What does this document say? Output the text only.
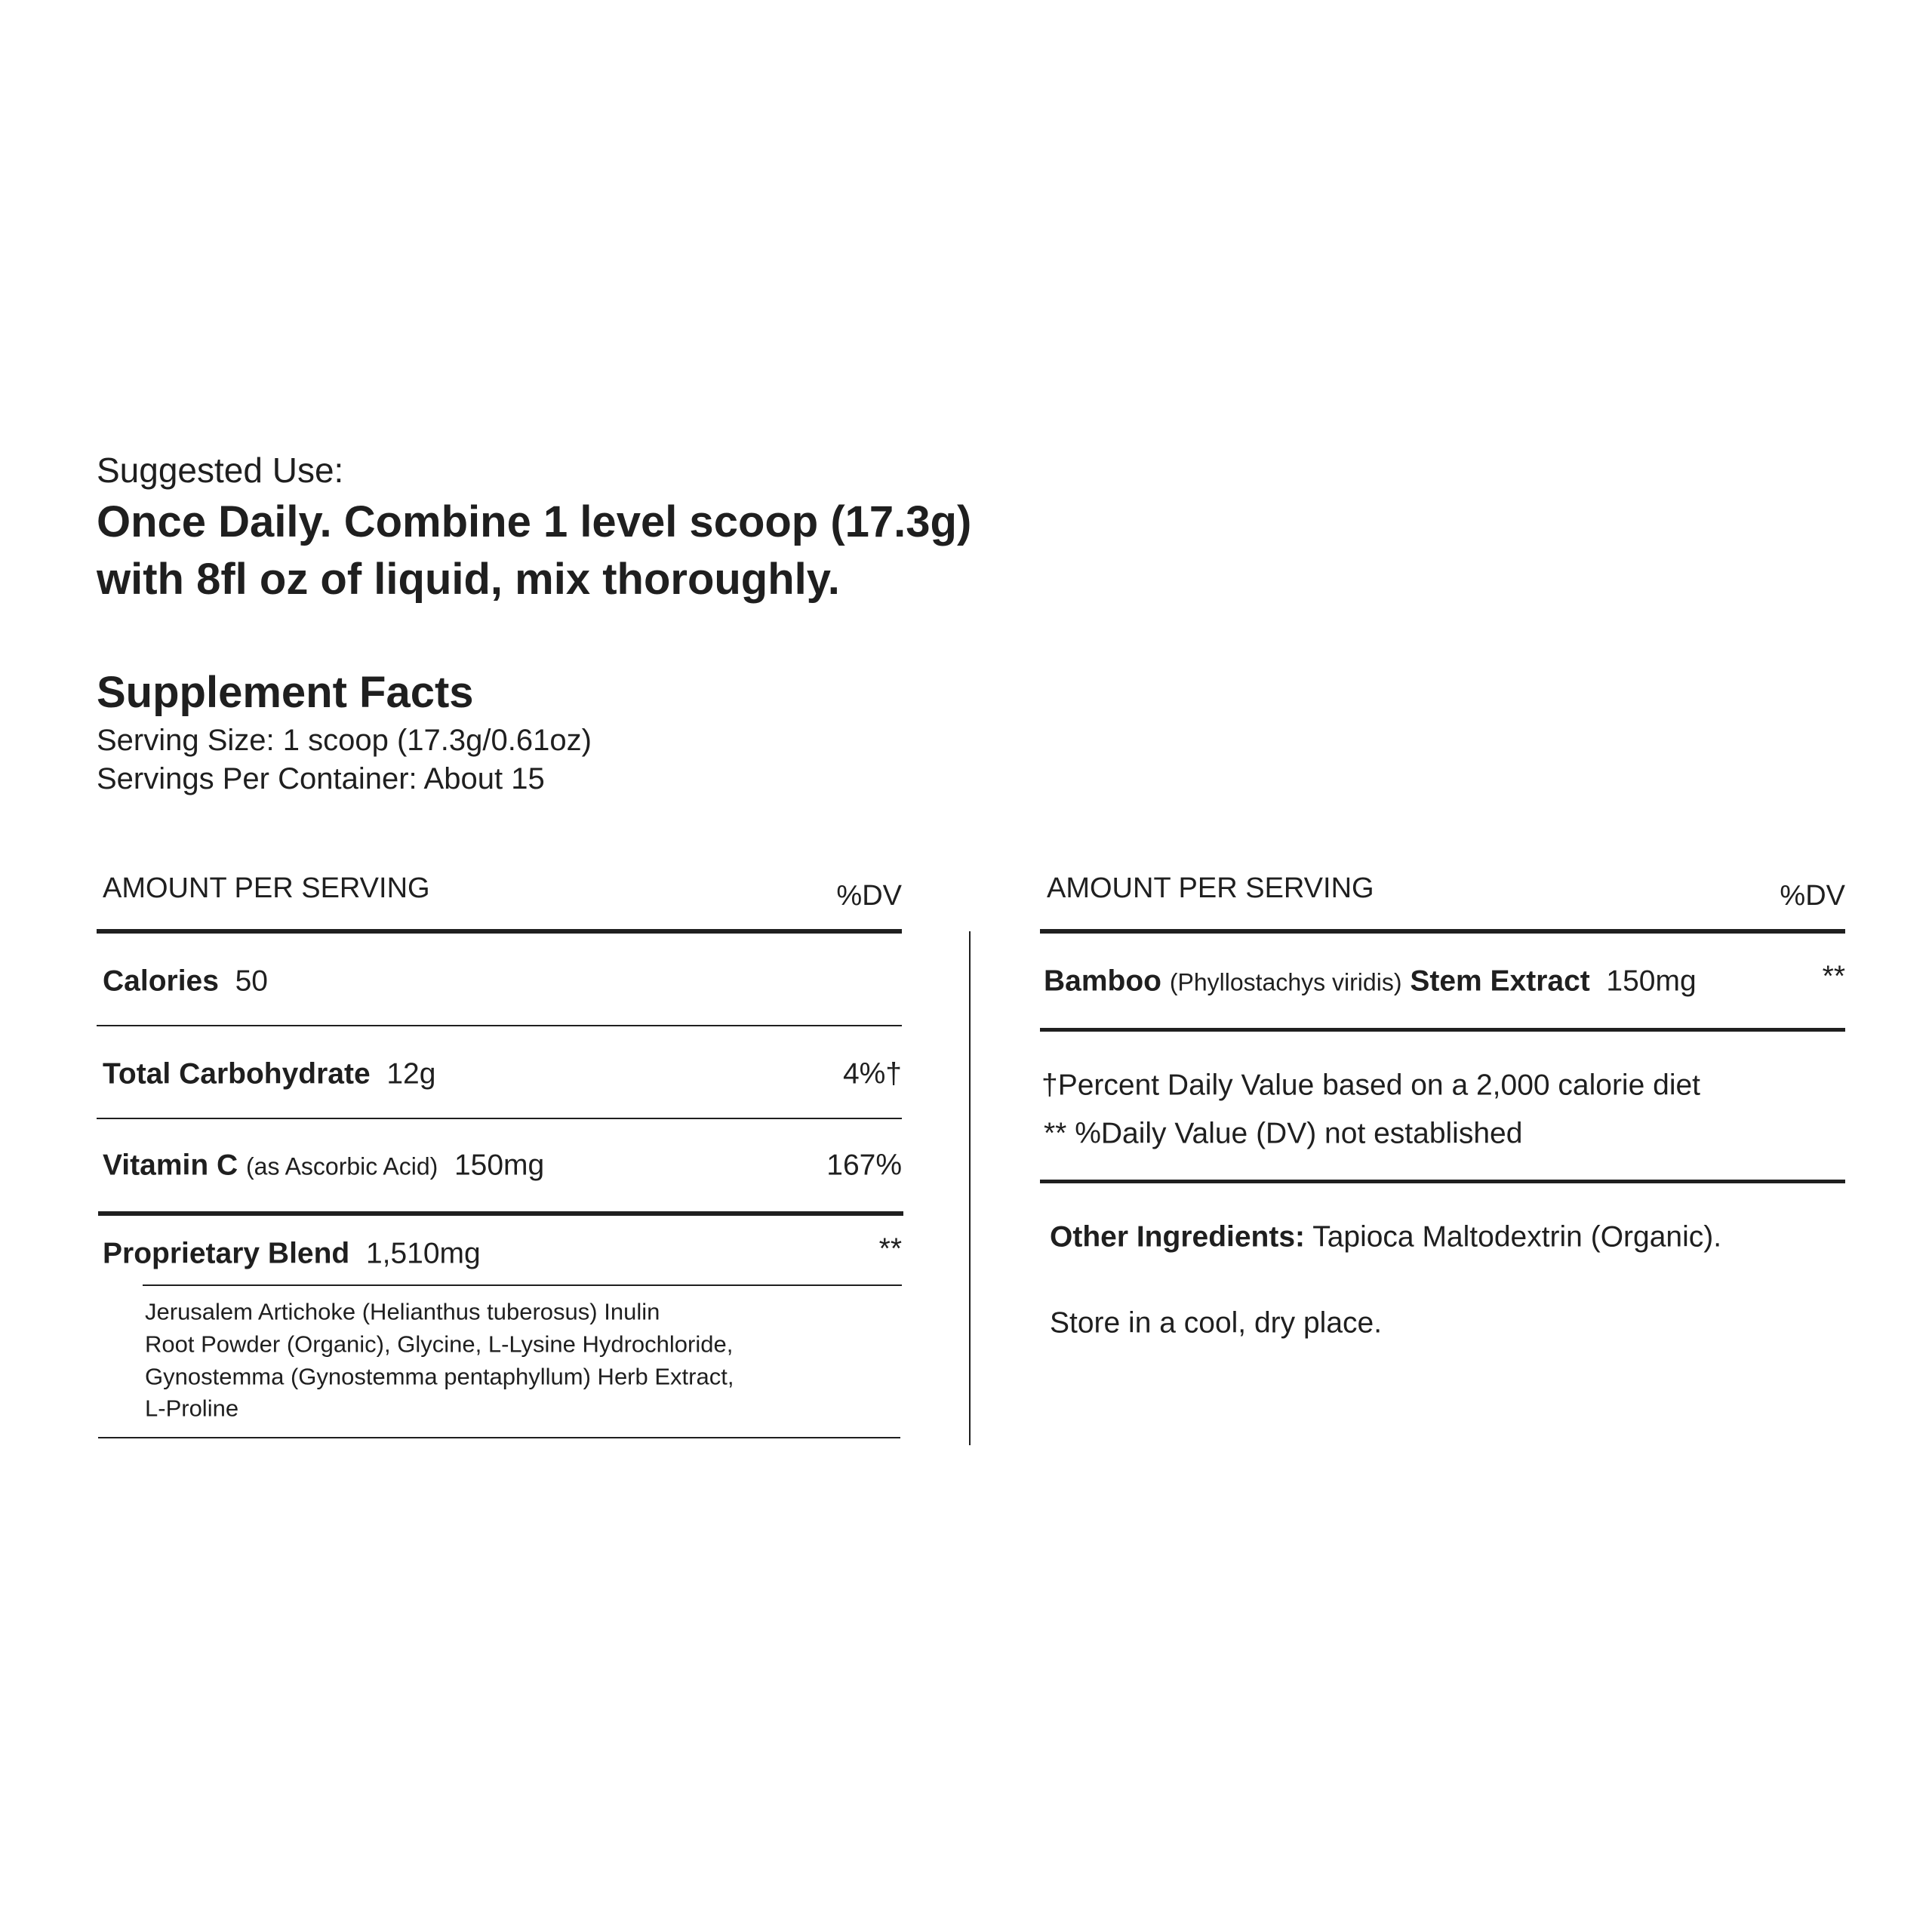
Suggested Use:
Once Daily. Combine 1 level scoop (17.3g)
with 8fl oz of liquid, mix thoroughly.
Supplement Facts
Serving Size: 1 scoop (17.3g/0.61oz)
Servings Per Container: About 15
AMOUNT PER SERVING	%DV
Calories 50
Total Carbohydrate 12g	4%†
Vitamin C (as Ascorbic Acid) 150mg	167%
Proprietary Blend 1,510mg	**
Jerusalem Artichoke (Helianthus tuberosus) Inulin
Root Powder (Organic), Glycine, L-Lysine Hydrochloride,
Gynostemma (Gynostemma pentaphyllum) Herb Extract,
L-Proline
AMOUNT PER SERVING	%DV
Bamboo (Phyllostachys viridis) Stem Extract 150mg	**
†Percent Daily Value based on a 2,000 calorie diet
** %Daily Value (DV) not established
Other Ingredients: Tapioca Maltodextrin (Organic).
Store in a cool, dry place.
